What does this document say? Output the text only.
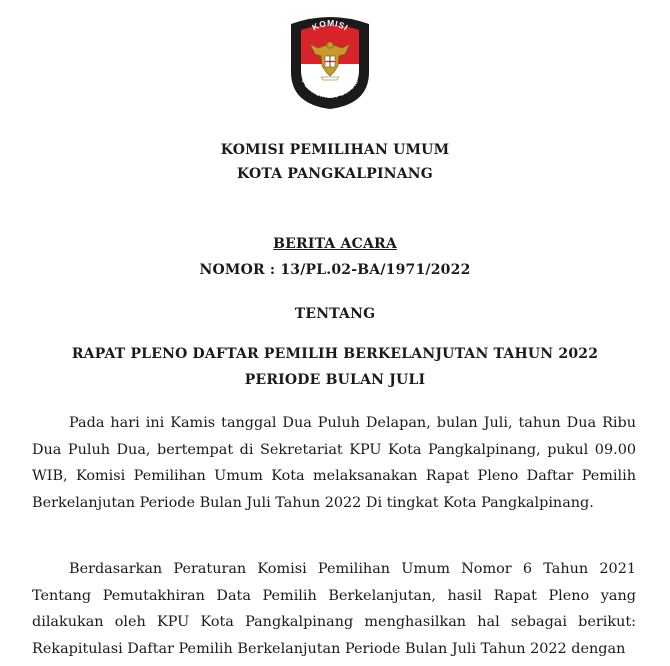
KOMISI
PEMILIHAN UMUM
KOMISI PEMILIHAN UMUM
KOTA PANGKALPINANG
BERITA ACARA
NOMOR : 13/PL.02-BA/1971/2022
TENTANG
RAPAT PLENO DAFTAR PEMILIH BERKELANJUTAN TAHUN 2022
PERIODE BULAN JULI
Pada hari ini Kamis tanggal Dua Puluh Delapan, bulan Juli, tahun Dua Ribu Dua Puluh Dua, bertempat di Sekretariat KPU Kota Pangkalpinang, pukul 09.00 WIB, Komisi Pemilihan Umum Kota melaksanakan Rapat Pleno Daftar Pemilih Berkelanjutan Periode Bulan Juli Tahun 2022 Di tingkat Kota Pangkalpinang.
Berdasarkan Peraturan Komisi Pemilihan Umum Nomor 6 Tahun 2021 Tentang Pemutakhiran Data Pemilih Berkelanjutan, hasil Rapat Pleno yang dilakukan oleh KPU Kota Pangkalpinang menghasilkan hal sebagai berikut: Rekapitulasi Daftar Pemilih Berkelanjutan Periode Bulan Juli Tahun 2022 dengan
